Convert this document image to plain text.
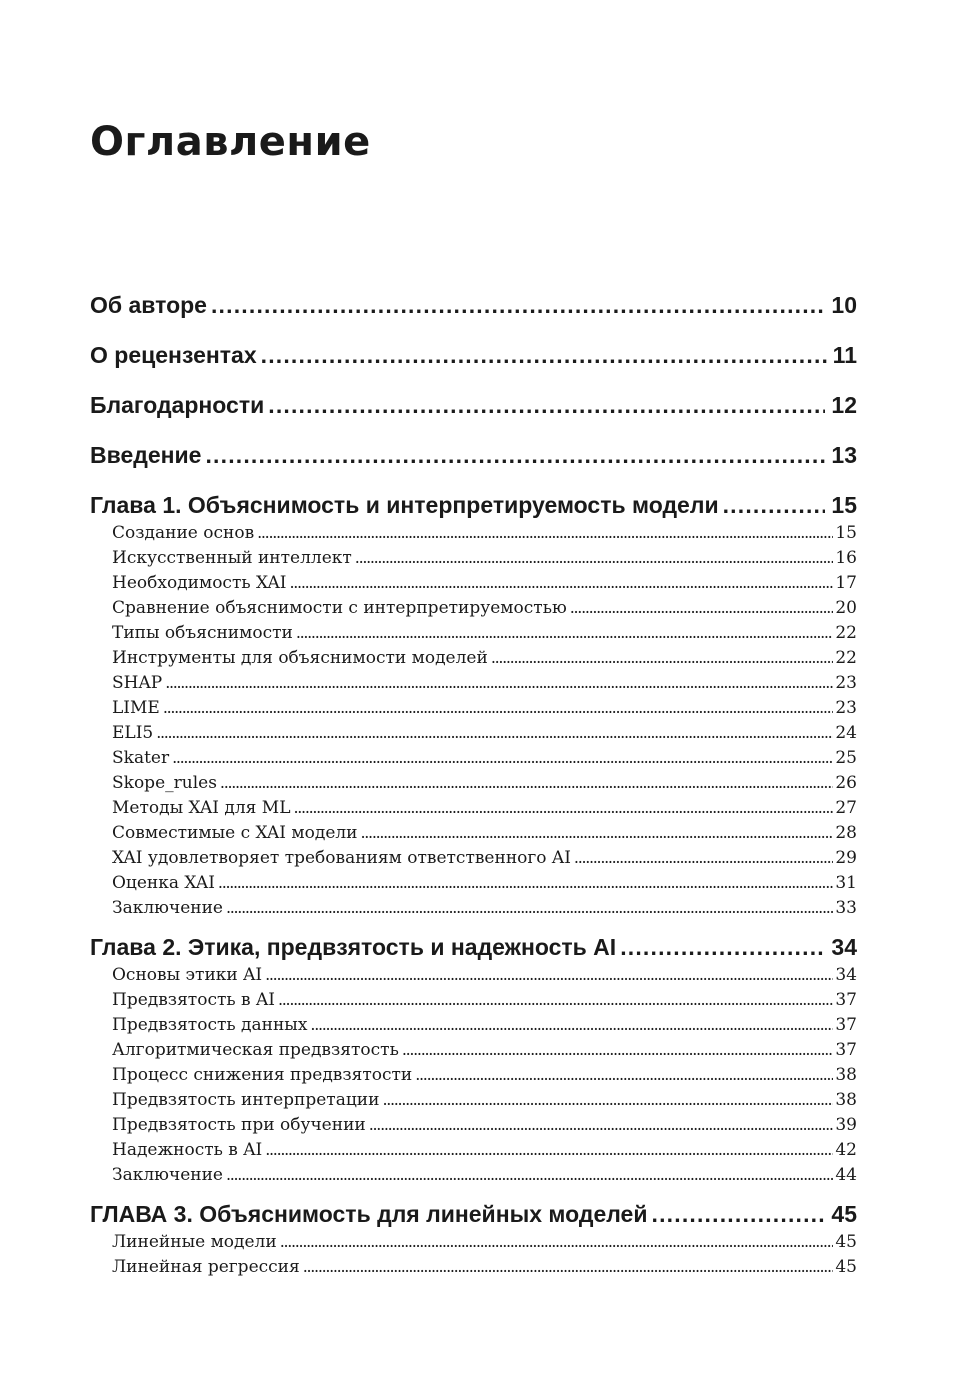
Оглавление
Об авторе . . .	10
О рецензентах . . .	11
Благодарности . . .	12
Введение . . .	13
Глава 1. Объяснимость и интерпретируемость модели . . .	15
Создание основ . . .	15
Искусственный интеллект . . .	16
Необходимость XAI . . .	17
Сравнение объяснимости с интерпретируемостью . . .	20
Типы объяснимости . . .	22
Инструменты для объяснимости моделей . . .	22
SHAP . . .	23
LIME . . .	23
ELI5 . . .	24
Skater . . .	25
Skope_rules . . .	26
Методы XAI для ML . . .	27
Совместимые с XAI модели . . .	28
XAI удовлетворяет требованиям ответственного AI . . .	29
Оценка XAI . . .	31
Заключение . . .	33
Глава 2. Этика, предвзятость и надежность AI . . .	34
Основы этики AI . . .	34
Предвзятость в AI . . .	37
Предвзятость данных . . .	37
Алгоритмическая предвзятость . . .	37
Процесс снижения предвзятости . . .	38
Предвзятость интерпретации . . .	38
Предвзятость при обучении . . .	39
Надежность в AI . . .	42
Заключение . . .	44
ГЛАВА 3. Объяснимость для линейных моделей . . .	45
Линейные модели . . .	45
Линейная регрессия . . .	45
